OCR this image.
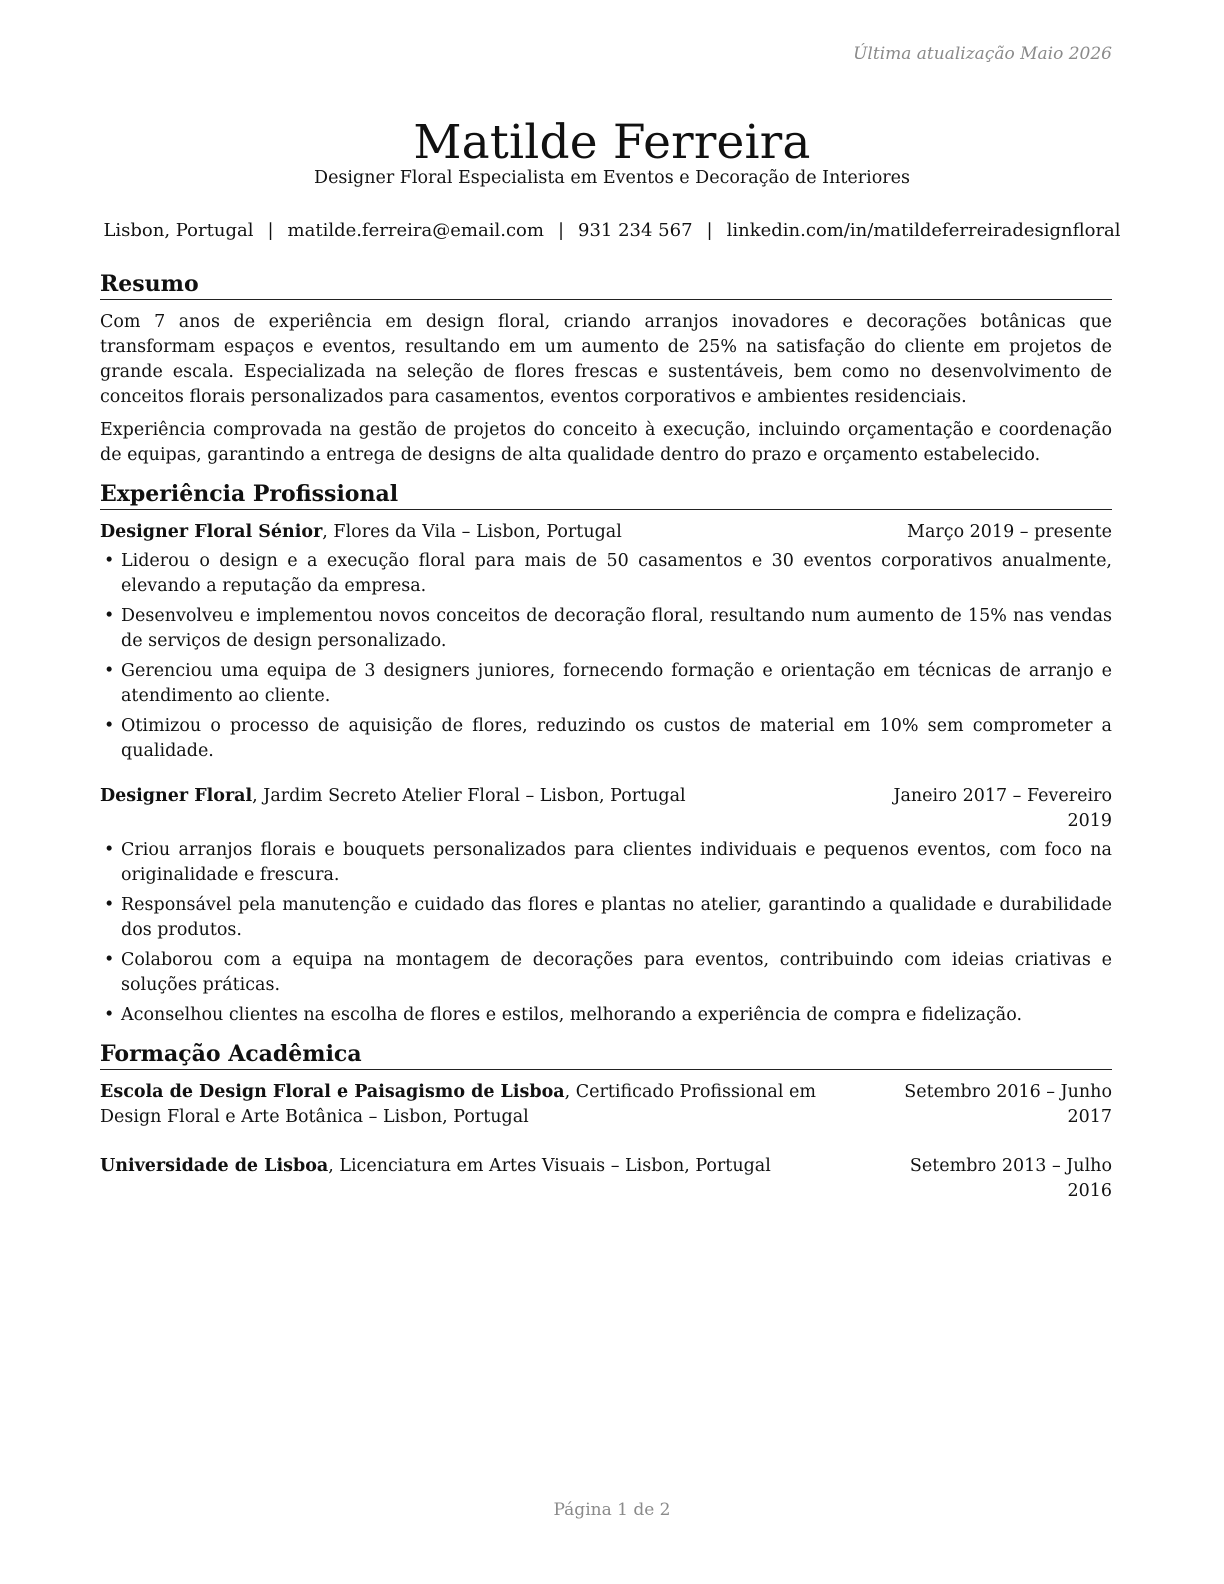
Última atualização Maio 2026
Matilde Ferreira
Designer Floral Especialista em Eventos e Decoração de Interiores
Lisbon, Portugal | matilde.ferreira@email.com | 931 234 567 | linkedin.com/in/matildeferreiradesignfloral
Resumo

Com 7 anos de experiência em design floral, criando arranjos inovadores e decorações botânicas que transformam espaços e eventos, resultando em um aumento de 25% na satisfação do cliente em projetos de grande escala. Especializada na seleção de flores frescas e sustentáveis, bem como no desenvolvimento de conceitos florais personalizados para casamentos, eventos corporativos e ambientes residenciais.

Experiência comprovada na gestão de projetos do conceito à execução, incluindo orçamentação e coordenação de equipas, garantindo a entrega de designs de alta qualidade dentro do prazo e orçamento estabelecido.

Experiência Profissional
Designer Floral Sénior, Flores da Vila – Lisbon, Portugal	Março 2019 – presente
• Liderou o design e a execução floral para mais de 50 casamentos e 30 eventos corporativos anualmente, elevando a reputação da empresa.
• Desenvolveu e implementou novos conceitos de decoração floral, resultando num aumento de 15% nas vendas de serviços de design personalizado.
• Gerenciou uma equipa de 3 designers juniores, fornecendo formação e orientação em técnicas de arranjo e atendimento ao cliente.
• Otimizou o processo de aquisição de flores, reduzindo os custos de material em 10% sem comprometer a qualidade.
Designer Floral, Jardim Secreto Atelier Floral – Lisbon, Portugal	Janeiro 2017 – Fevereiro 2019
• Criou arranjos florais e bouquets personalizados para clientes individuais e pequenos eventos, com foco na originalidade e frescura.
• Responsável pela manutenção e cuidado das flores e plantas no atelier, garantindo a qualidade e durabilidade dos produtos.
• Colaborou com a equipa na montagem de decorações para eventos, contribuindo com ideias criativas e soluções práticas.
• Aconselhou clientes na escolha de flores e estilos, melhorando a experiência de compra e fidelização.
Formação Acadêmica
Escola de Design Floral e Paisagismo de Lisboa, Certificado Profissional em Design Floral e Arte Botânica – Lisbon, Portugal
Setembro 2016 – Junho 2017
Universidade de Lisboa, Licenciatura em Artes Visuais – Lisbon, Portugal	Setembro 2013 – Julho 2016
Página 1 de 2
